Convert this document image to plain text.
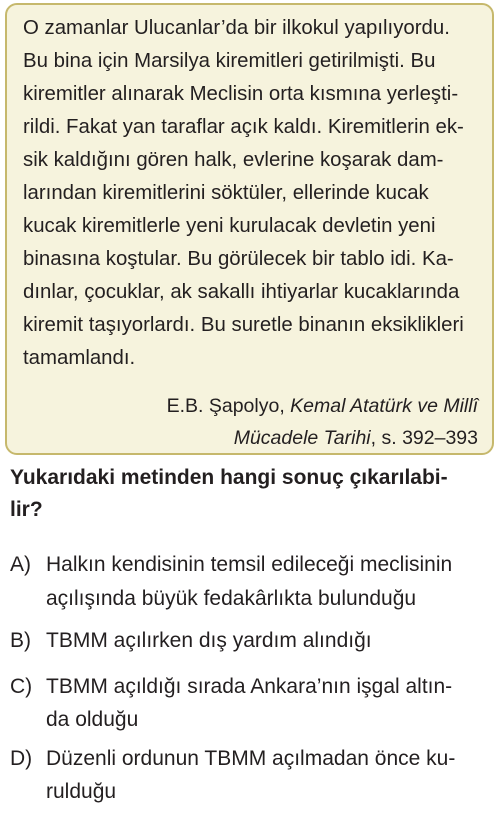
O zamanlar Ulucanlar’da bir ilkokul yapılıyordu.
Bu bina için Marsilya kiremitleri getirilmişti. Bu
kiremitler alınarak Meclisin orta kısmına yerleşti-
rildi. Fakat yan taraflar açık kaldı. Kiremitlerin ek-
sik kaldığını gören halk, evlerine koşarak dam-
larından kiremitlerini söktüler, ellerinde kucak
kucak kiremitlerle yeni kurulacak devletin yeni
binasına koştular. Bu görülecek bir tablo idi. Ka-
dınlar, çocuklar, ak sakallı ihtiyarlar kucaklarında
kiremit taşıyorlardı. Bu suretle binanın eksiklikleri
tamamlandı.
E.B. Şapolyo, Kemal Atatürk ve Millî
Mücadele Tarihi, s. 392–393
Yukarıdaki metinden hangi sonuç çıkarılabi-
lir?
A) Halkın kendisinin temsil edileceği meclisinin
açılışında büyük fedakârlıkta bulunduğu
B) TBMM açılırken dış yardım alındığı
C) TBMM açıldığı sırada Ankara’nın işgal altın-
da olduğu
D) Düzenli ordunun TBMM açılmadan önce ku-
rulduğu
